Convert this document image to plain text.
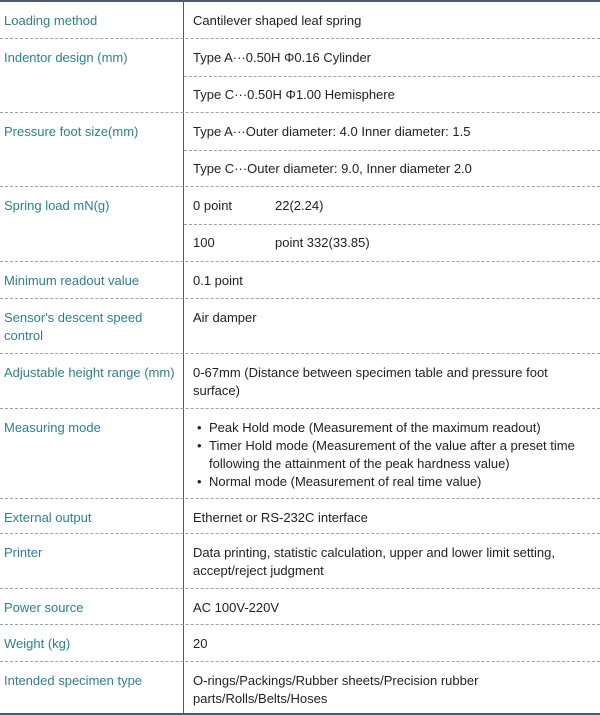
Loading method	Cantilever shaped leaf spring
Indentor design (mm)	Type A···0.50H Φ0.16 Cylinder
Type C···0.50H Φ1.00 Hemisphere
Pressure foot size(mm)	Type A···Outer diameter: 4.0 Inner diameter: 1.5
Type C···Outer diameter: 9.0, Inner diameter 2.0
Spring load mN(g)	0 point	22(2.24)
100	point 332(33.85)
Minimum readout value	0.1 point
Sensor's descent speed control
Air damper
Adjustable height range (mm) 0-67mm (Distance between specimen table and pressure foot surface)
Measuring mode
•	Peak Hold mode (Measurement of the maximum readout)
• Timer Hold mode (Measurement of the value after a preset time following the attainment of the peak hardness value)
• Normal mode (Measurement of real time value)
External output	Ethernet or RS-232C interface
Printer	Data printing, statistic calculation, upper and lower limit setting, accept/reject judgment
Power source	AC 100V-220V
Weight (kg)	20
Intended specimen type	O-rings/Packings/Rubber sheets/Precision rubber parts/Rolls/Belts/Hoses
